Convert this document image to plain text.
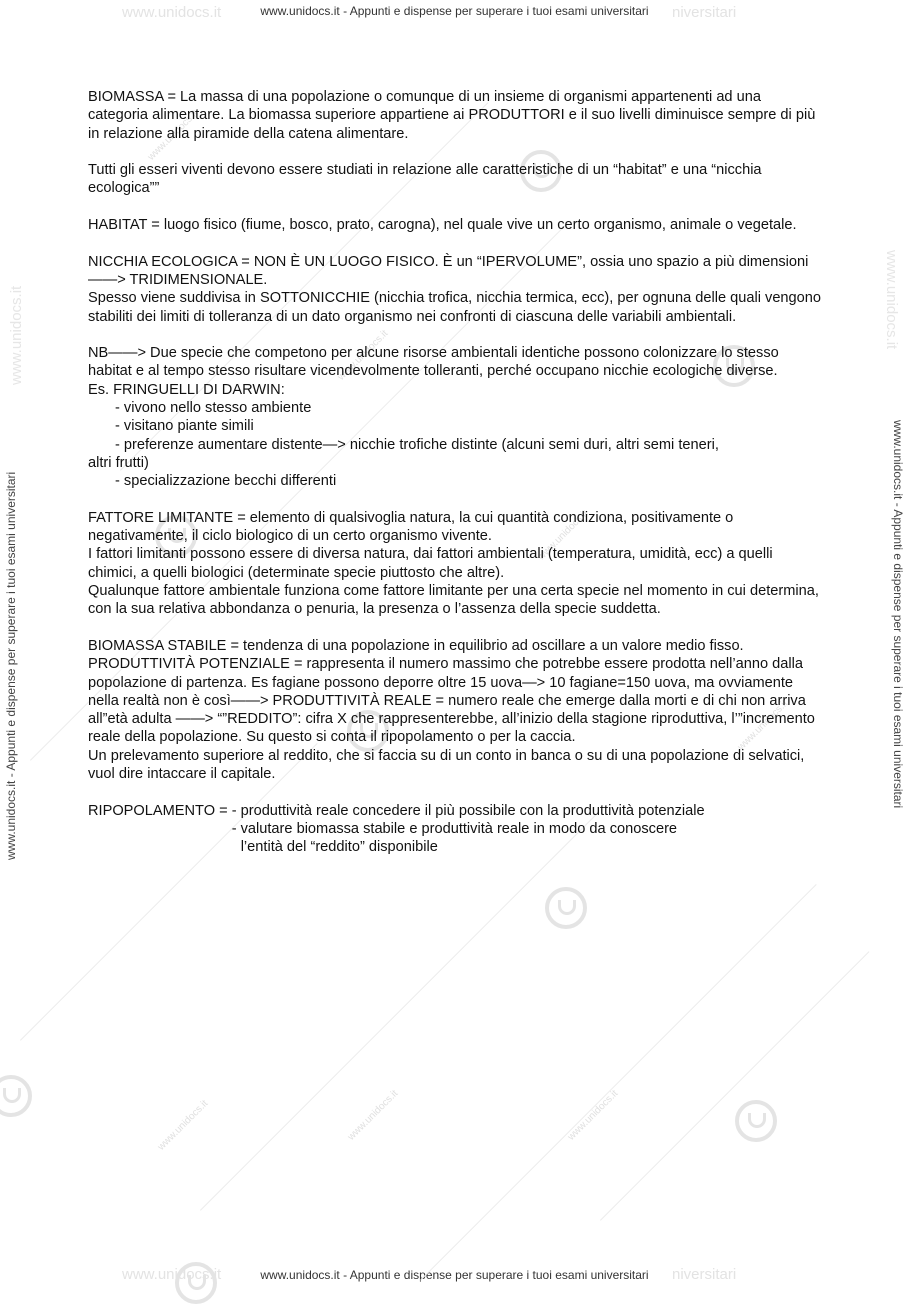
www.unidocs.it	niversitari
www.unidocs.it - Appunti e dispense per superare i tuoi esami universitari
www.unidocs.it	niversitari
www.unidocs.it - Appunti e dispense per superare i tuoi esami universitari
www.unidocs.it - Appunti e dispense per superare i tuoi esami universitari	www.unidocs.it - Appunti e dispense per superare i tuoi esami universitari
www.unidocs.it	www.unidocs.it
www.unidocs.it
www.unidocs.it
www.unidocs.it
www.unidocs.it
www.unidocs.it
www.unidocs.it	www.unidocs.it

BIOMASSA = La massa di una popolazione o comunque di un insieme di organismi appartenenti ad una categoria alimentare. La biomassa superiore appartiene ai PRODUTTORI e il suo livelli diminuisce sempre di più in relazione alla piramide della catena alimentare.

Tutti gli esseri viventi devono essere studiati in relazione alle caratteristiche di un “habitat” e una “nicchia ecologica””

HABITAT = luogo fisico (fiume, bosco, prato, carogna), nel quale vive un certo organismo, animale o vegetale.

NICCHIA ECOLOGICA = NON È UN LUOGO FISICO. È un “IPERVOLUME”, ossia uno spazio a più dimensioni——> TRIDIMENSIONALE.

Spesso viene suddivisa in SOTTONICCHIE (nicchia trofica, nicchia termica, ecc), per ognuna delle quali vengono stabiliti dei limiti di tolleranza di un dato organismo nei confronti di ciascuna delle variabili ambientali.

NB——> Due specie che competono per alcune risorse ambientali identiche possono colonizzare lo stesso habitat e al tempo stesso risultare vicendevolmente tolleranti, perché occupano nicchie ecologiche diverse.

Es. FRINGUELLI DI DARWIN:

- vivono nello stesso ambiente

- visitano piante simili

- preferenze aumentare distente—> nicchie trofiche distinte (alcuni semi duri, altri semi teneri,

altri frutti)

- specializzazione becchi differenti

FATTORE LIMITANTE = elemento di qualsivoglia natura, la cui quantità condiziona, positivamente o negativamente, il ciclo biologico di un certo organismo vivente.

I fattori limitanti possono essere di diversa natura, dai fattori ambientali (temperatura, umidità, ecc) a quelli chimici, a quelli biologici (determinate specie piuttosto che altre).

Qualunque fattore ambientale funziona come fattore limitante per una certa specie nel momento in cui determina, con la sua relativa abbondanza o penuria, la presenza o l’assenza della specie suddetta.

BIOMASSA STABILE = tendenza di una popolazione in equilibrio ad oscillare a un valore medio fisso.

PRODUTTIVITÀ POTENZIALE = rappresenta il numero massimo che potrebbe essere prodotta nell’anno dalla popolazione di partenza. Es fagiane possono deporre oltre 15 uova—> 10 fagiane=150 uova, ma ovviamente nella realtà non è così——> PRODUTTIVITÀ REALE = numero reale che emerge dalla morti e di chi non arriva all”età adulta ——> “”REDDITO”: cifra X che rappresenterebbe, all’inizio della stagione riproduttiva, l’”incremento reale della popolazione. Su questo si conta il ripopolamento o per la caccia.

Un prelevamento superiore al reddito, che si faccia su di un conto in banca o su di una popolazione di selvatici, vuol dire intaccare il capitale.

RIPOPOLAMENTO = - produttività reale concedere il più possibile con la produttività potenziale

- valutare biomassa stabile e produttività reale in modo da conoscere

l’entità del “reddito” disponibile
